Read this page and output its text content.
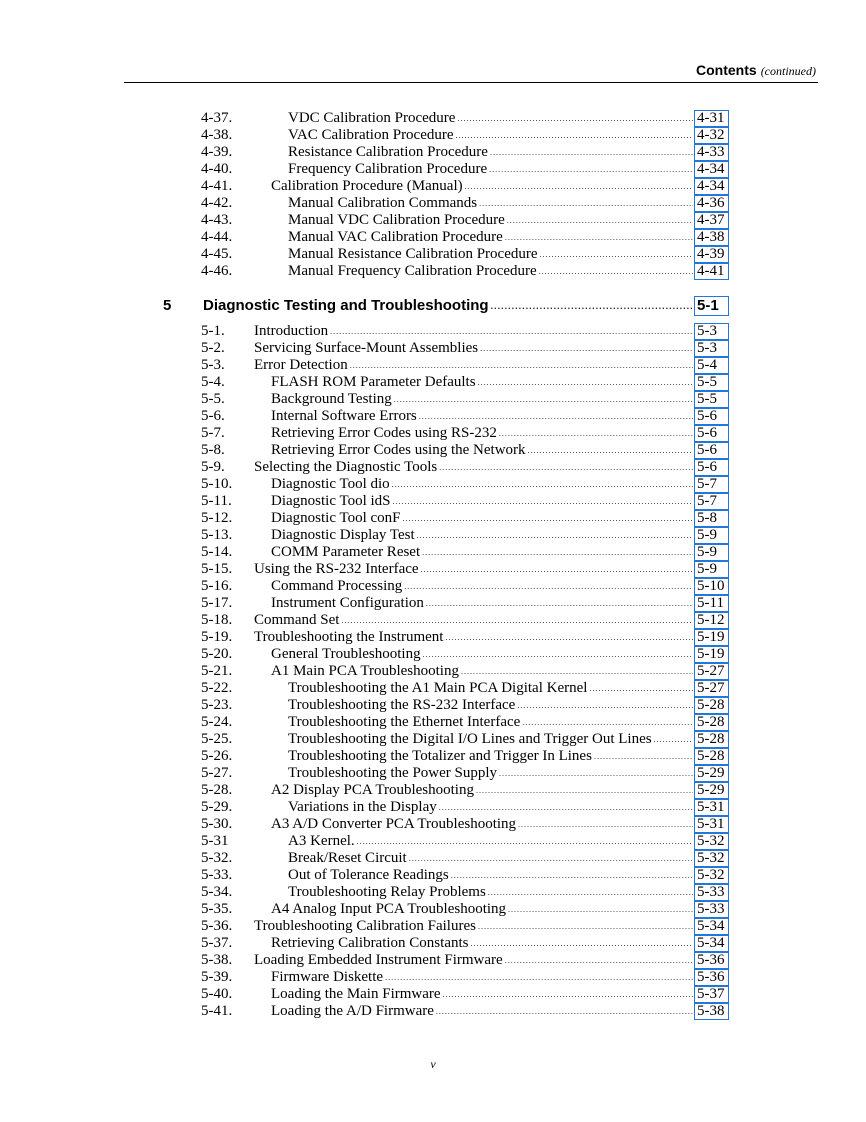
Contents (continued)
4-37.	VDC Calibration Procedure .....	4-31
4-38.	VAC Calibration Procedure .....	4-32
4-39.	Resistance Calibration Procedure .....	4-33
4-40.	Frequency Calibration Procedure .....	4-34
4-41.	Calibration Procedure (Manual) .....	4-34
4-42.	Manual Calibration Commands .....	4-36
4-43.	Manual VDC Calibration Procedure .....	4-37
4-44.	Manual VAC Calibration Procedure .....	4-38
4-45.	Manual Resistance Calibration Procedure .....	4-39
4-46.	Manual Frequency Calibration Procedure .....	4-41
5 Diagnostic Testing and Troubleshooting .....	5-1
5-1. Introduction .....	5-3
5-2. Servicing Surface-Mount Assemblies .....	5-3
5-3. Error Detection .....	5-4
5-4.	FLASH ROM Parameter Defaults .....	5-5
5-5.	Background Testing .....	5-5
5-6.	Internal Software Errors .....	5-6
5-7.	Retrieving Error Codes using RS-232 .....	5-6
5-8.	Retrieving Error Codes using the Network .....	5-6
5-9. Selecting the Diagnostic Tools .....	5-6
5-10.	Diagnostic Tool dio .....	5-7
5-11.	Diagnostic Tool idS .....	5-7
5-12.	Diagnostic Tool conF .....	5-8
5-13.	Diagnostic Display Test .....	5-9
5-14.	COMM Parameter Reset .....	5-9
5-15. Using the RS-232 Interface .....	5-9
5-16.	Command Processing .....	5-10
5-17.	Instrument Configuration .....	5-11
5-18. Command Set .....	5-12
5-19. Troubleshooting the Instrument .....	5-19
5-20.	General Troubleshooting .....	5-19
5-21.	A1 Main PCA Troubleshooting .....	5-27
5-22.	Troubleshooting the A1 Main PCA Digital Kernel .....	5-27
5-23.	Troubleshooting the RS-232 Interface .....	5-28
5-24.	Troubleshooting the Ethernet Interface .....	5-28
5-25.	Troubleshooting the Digital I/O Lines and Trigger Out Lines .....	5-28
5-26.	Troubleshooting the Totalizer and Trigger In Lines .....	5-28
5-27.	Troubleshooting the Power Supply .....	5-29
5-28.	A2 Display PCA Troubleshooting .....	5-29
5-29.	Variations in the Display .....	5-31
5-30.	A3 A/D Converter PCA Troubleshooting .....	5-31
5-31	A3 Kernel. .....	5-32
5-32.	Break/Reset Circuit .....	5-32
5-33.	Out of Tolerance Readings .....	5-32
5-34.	Troubleshooting Relay Problems .....	5-33
5-35.	A4 Analog Input PCA Troubleshooting .....	5-33
5-36. Troubleshooting Calibration Failures .....	5-34
5-37.	Retrieving Calibration Constants .....	5-34
5-38. Loading Embedded Instrument Firmware .....	5-36
5-39.	Firmware Diskette .....	5-36
5-40.	Loading the Main Firmware .....	5-37
5-41.	Loading the A/D Firmware .....	5-38
v
